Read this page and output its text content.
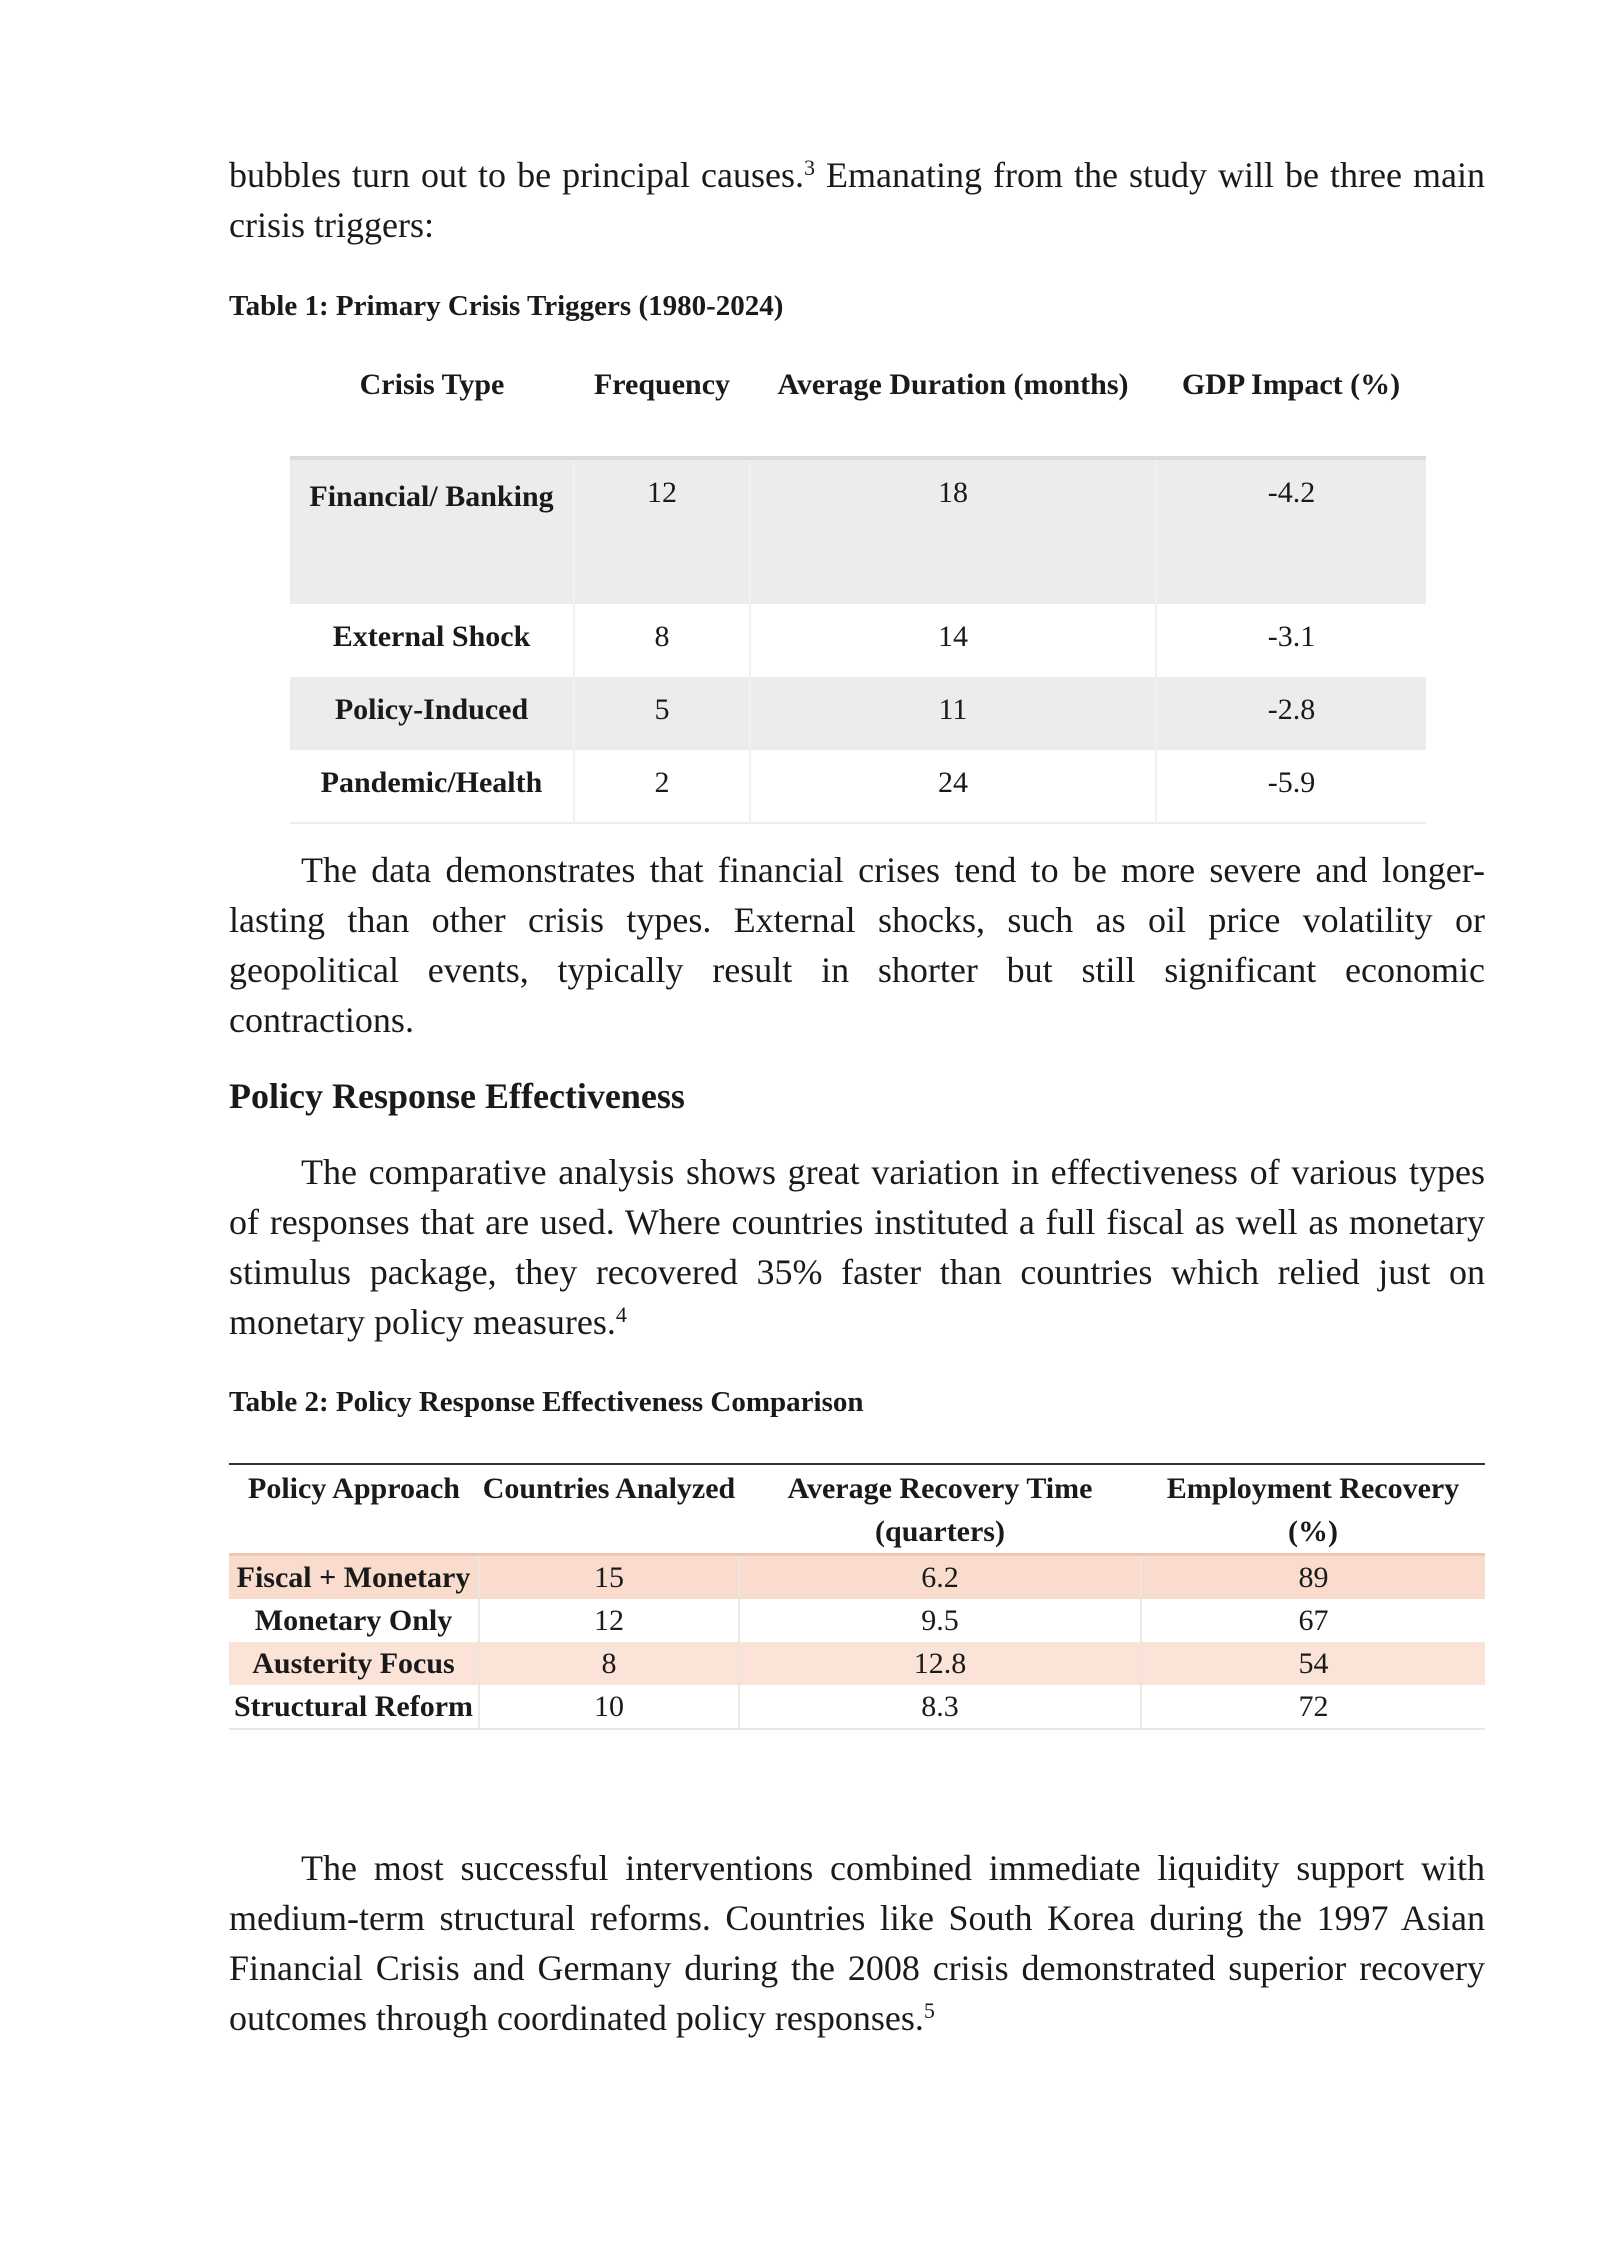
bubbles turn out to be principal causes.$^3$ Emanating from the study will be three main crisis triggers:

Table 1: Primary Crisis Triggers (1980-2024)

Crisis Type	Frequency	Average Duration (months)	GDP Impact (%)
Financial/ Banking	12	18	-4.2
External Shock	8	14	-3.1
Policy-Induced	5	11	-2.8
Pandemic/Health	2	24	-5.9

The data demonstrates that financial crises tend to be more severe and longer-lasting than other crisis types. External shocks, such as oil price volatility or geopolitical events, typically result in shorter but still significant economic contractions.

Policy Response Effectiveness

The comparative analysis shows great variation in effectiveness of various types of responses that are used. Where countries instituted a full fiscal as well as monetary stimulus package, they recovered 35% faster than countries which relied just on monetary policy measures.$^4$

Table 2: Policy Response Effectiveness Comparison

Policy Approach	Countries Analyzed	Average Recovery Time (quarters)	Employment Recovery (%)
Fiscal + Monetary	15	6.2	89
Monetary Only	12	9.5	67
Austerity Focus	8	12.8	54
Structural Reform	10	8.3	72

The most successful interventions combined immediate liquidity support with medium-term structural reforms. Countries like South Korea during the 1997 Asian Financial Crisis and Germany during the 2008 crisis demonstrated superior recovery outcomes through coordinated policy responses.$^5$
